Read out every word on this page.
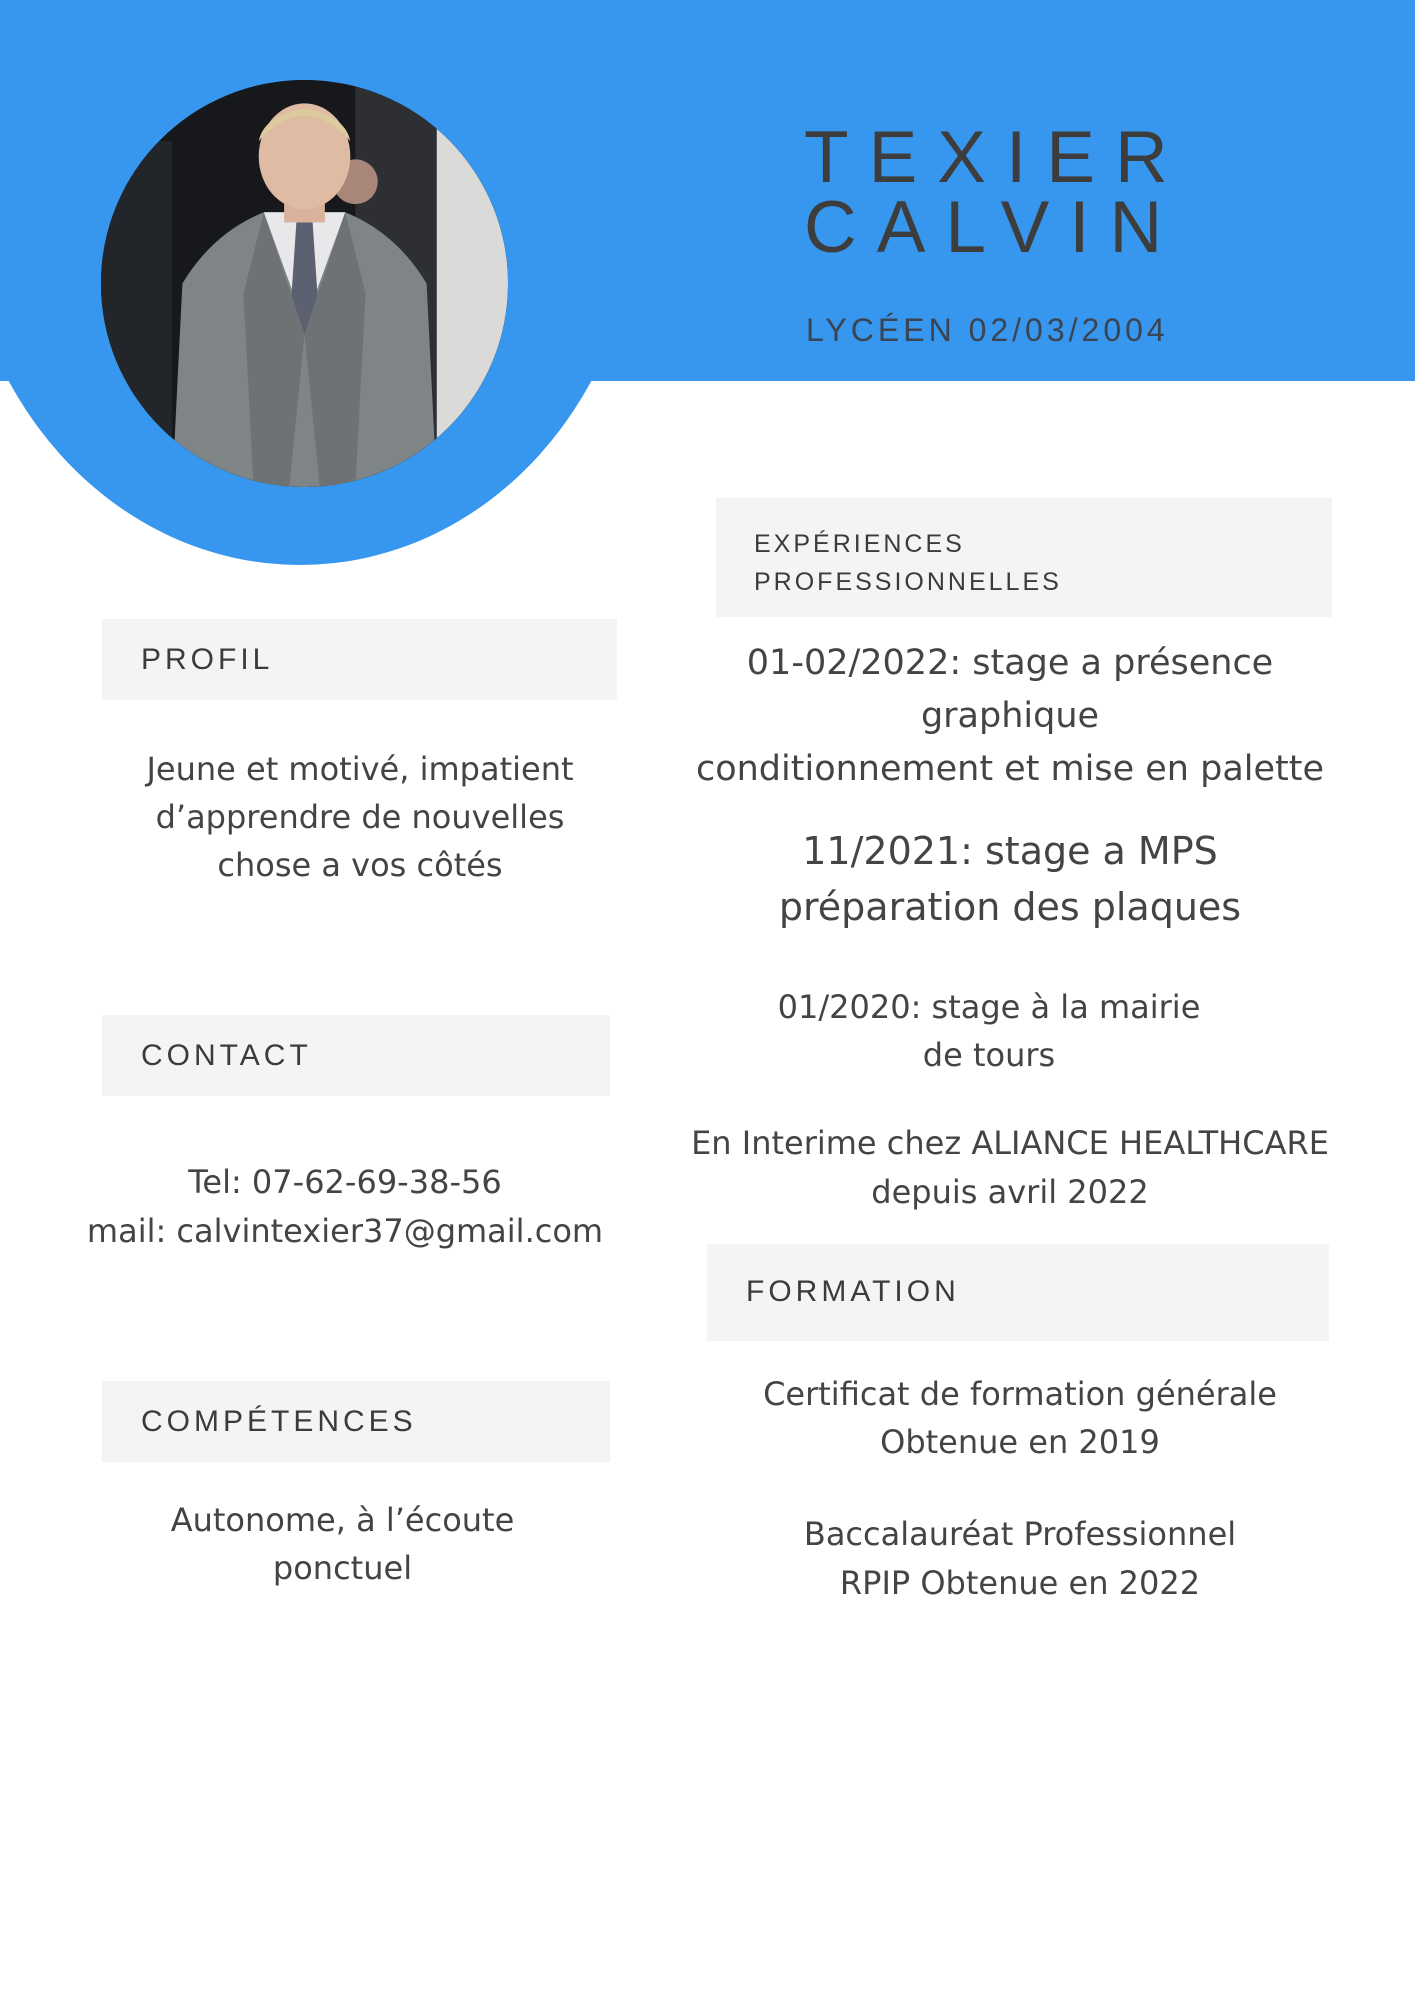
TEXIER
CALVIN
LYCÉEN 02/03/2004
PROFIL
Jeune et motivé, impatient
d’apprendre de nouvelles
chose a vos côtés
CONTACT
Tel: 07-62-69-38-56
mail: calvintexier37@gmail.com
COMPÉTENCES
Autonome, à l’écoute
ponctuel
EXPÉRIENCES
PROFESSIONNELLES
01-02/2022: stage a présence
graphique
conditionnement et mise en palette
11/2021: stage a MPS
préparation des plaques
01/2020: stage à la mairie
de tours
En Interime chez ALIANCE HEALTHCARE
depuis avril 2022
FORMATION
Certificat de formation générale
Obtenue en 2019
Baccalauréat Professionnel
RPIP Obtenue en 2022
